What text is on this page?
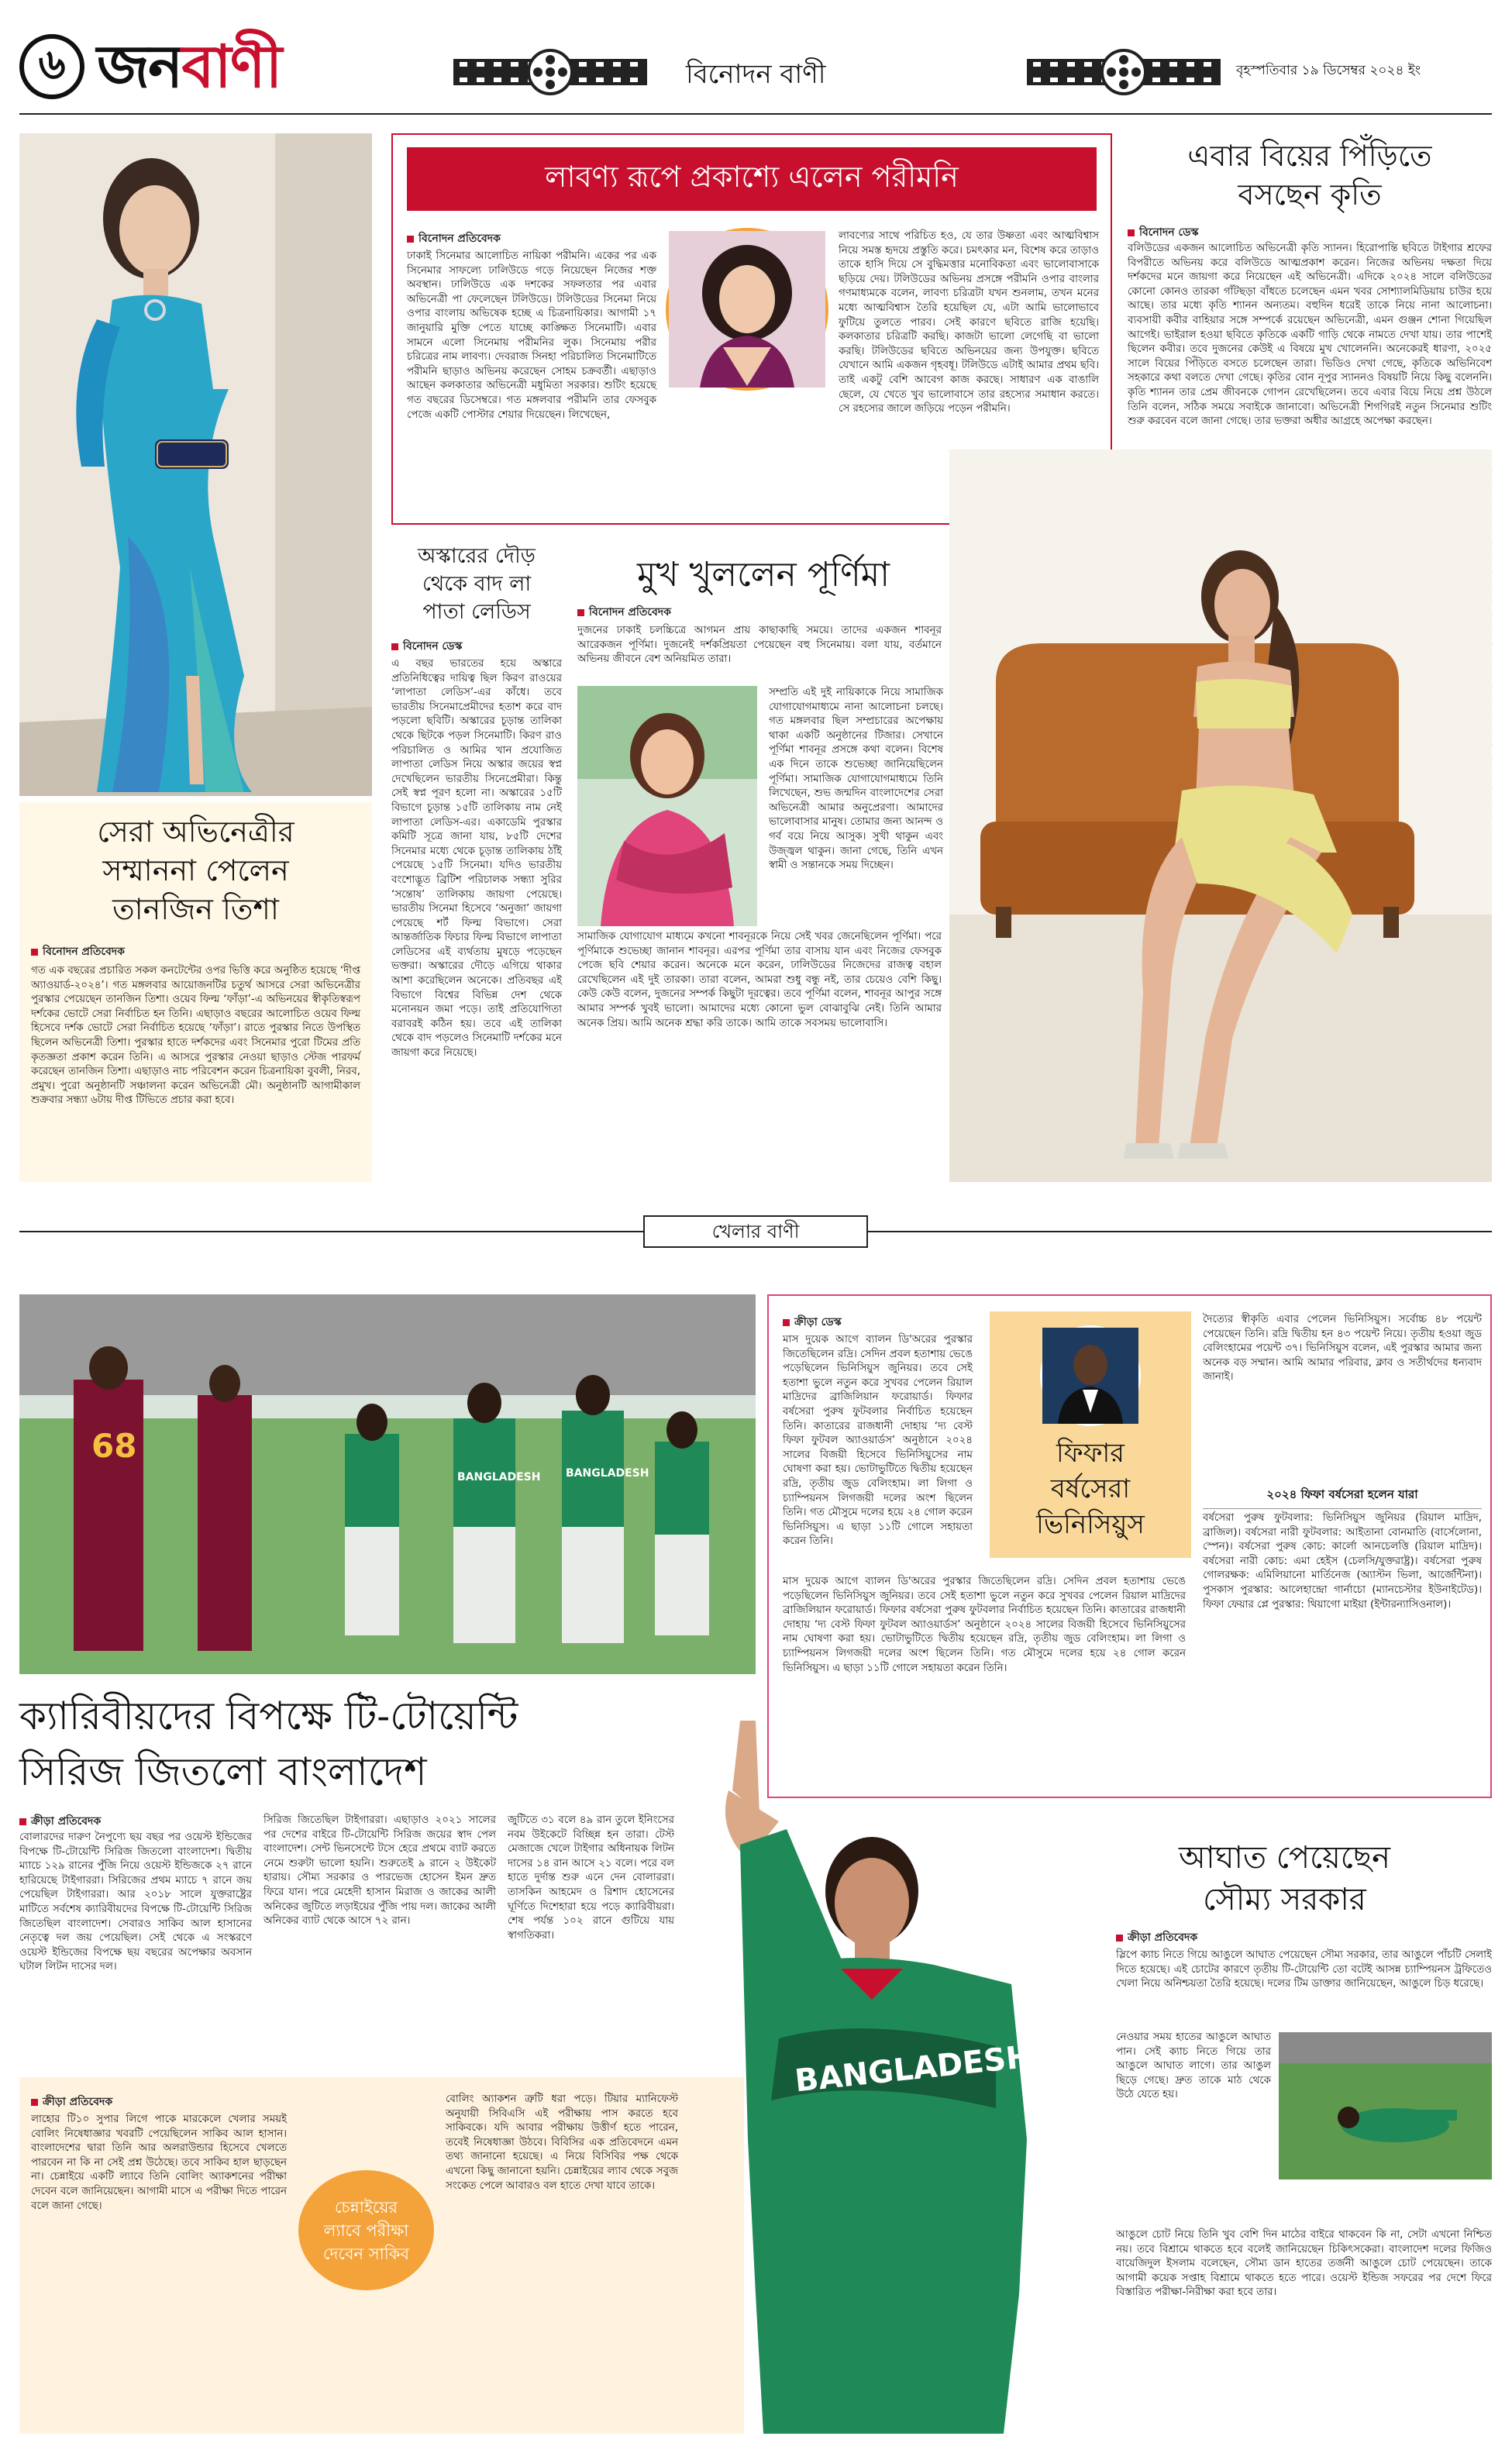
৬ জনবাণী	বিনোদন বাণী	বৃহস্পতিবার ১৯ ডিসেম্বর ২০২৪ ইং
লাবণ্য রূপে প্রকাশ্যে এলেন পরীমনি
বিনোদন প্রতিবেদক
ঢাকাই সিনেমার আলোচিত নায়িকা পরীমনি। একের পর এক সিনেমার সাফল্যে ঢালিউডে গড়ে নিয়েছেন নিজের শক্ত অবস্থান। ঢালিউডে এক দশকের সফলতার পর এবার অভিনেত্রী পা ফেলেছেন টলিউডে। টলিউডের সিনেমা নিয়ে ওপার বাংলায় অভিষেক হচ্ছে এ চিত্রনায়িকার। আগামী ১৭ জানুয়ারি মুক্তি পেতে যাচ্ছে কাঙ্ক্ষিত সিনেমাটি। এবার সামনে এলো সিনেমায় পরীমনির লুক। সিনেমায় পরীর চরিত্রের নাম লাবণ্য। দেবরাজ সিনহা পরিচালিত সিনেমাটিতে পরীমনি ছাড়াও অভিনয় করেছেন সোহম চক্রবর্তী। এছাড়াও আছেন কলকাতার অভিনেত্রী মধুমিতা সরকার। শুটিং হয়েছে গত বছরের ডিসেম্বরে। গত মঙ্গলবার পরীমনি তার ফেসবুক পেজে একটি পোস্টার শেয়ার দিয়েছেন। লিখেছেন,
লাবণ্যের সাথে পরিচিত হও, যে তার উষ্ণতা এবং আত্মবিশ্বাস নিয়ে সমস্ত হৃদয়ে প্রস্তুতি করে। চমৎকার মন, বিশেষ করে তাড়াও তাকে হাসি দিয়ে সে বুদ্ধিমত্তার মনোবিকতা এবং ভালোবাসাকে ছড়িয়ে দেয়। টলিউডের অভিনয় প্রসঙ্গে পরীমনি ওপার বাংলার গণমাধ্যমকে বলেন, লাবণ্য চরিত্রটা যখন শুনলাম, তখন মনের মধ্যে আত্মবিশ্বাস তৈরি হয়েছিল যে, এটা আমি ভালোভাবে ফুটিয়ে তুলতে পারব। সেই কারণে ছবিতে রাজি হয়েছি। কলকাতার চরিত্রটি করছি। কাজটা ভালো লেগেছি বা ভালো করছি। টলিউডের ছবিতে অভিনয়ের জন্য উপযুক্ত। ছবিতে যেখানে আমি একজন গৃহবধূ। টলিউডে এটাই আমার প্রথম ছবি। তাই একটু বেশি আবেগ কাজ করছে। সাধারণ এক বাঙালি ছেলে, যে খেতে খুব ভালোবাসে তার রহস্যের সমাধান করতে। সে রহস্যের জালে জড়িয়ে পড়েন পরীমনি।
এবার বিয়ের পিঁড়িতে
বসছেন কৃতি
বিনোদন ডেস্ক
বলিউডের একজন আলোচিত অভিনেত্রী কৃতি স্যানন। হিরোপান্তি ছবিতে টাইগার শ্রফের বিপরীতে অভিনয় করে বলিউডে আত্মপ্রকাশ করেন। নিজের অভিনয় দক্ষতা দিয়ে দর্শকদের মনে জায়গা করে নিয়েছেন এই অভিনেত্রী। এদিকে ২০২৪ সালে বলিউডের কোনো কোনও তারকা গাঁটছড়া বাঁধতে চলেছেন এমন খবর সোশ্যালমিডিয়ায় চাউর হয়ে আছে। তার মধ্যে কৃতি শ্যানন অন্যতম। বহুদিন ধরেই তাকে নিয়ে নানা আলোচনা। ব্যবসায়ী কবীর বাহিয়ার সঙ্গে সম্পর্কে রয়েছেন অভিনেত্রী, এমন গুঞ্জন শোনা গিয়েছিল আগেই। ভাইরাল হওয়া ছবিতে কৃতিকে একটি গাড়ি থেকে নামতে দেখা যায়। তার পাশেই ছিলেন কবীর। তবে দুজনের কেউই এ বিষয়ে মুখ খোলেননি। অনেকেরই ধারণা, ২০২৫ সালে বিয়ের পিঁড়িতে বসতে চলেছেন তারা। ভিডিও দেখা গেছে, কৃতিকে অভিনিবেশ সহকারে কথা বলতে দেখা গেছে। কৃতির বোন নূপুর স্যাননও বিষয়টি নিয়ে কিছু বলেননি। কৃতি শ্যানন তার প্রেম জীবনকে গোপন রেখেছিলেন। তবে এবার বিয়ে নিয়ে প্রশ্ন উঠলে তিনি বলেন, সঠিক সময়ে সবাইকে জানাবো। অভিনেত্রী শিগগিরই নতুন সিনেমার শুটিং শুরু করবেন বলে জানা গেছে। তার ভক্তরা অধীর আগ্রহে অপেক্ষা করছেন।
অস্কারের দৌড়
থেকে বাদ লা
পাতা লেডিস
বিনোদন ডেস্ক
এ বছর ভারতের হয়ে অস্কারে প্রতিনিধিত্বের দায়িত্ব ছিল কিরণ রাওয়ের ‘লাপাতা লেডিস’-এর কাঁধে। তবে ভারতীয় সিনেমাপ্রেমীদের হতাশ করে বাদ পড়লো ছবিটি। অস্কারের চূড়ান্ত তালিকা থেকে ছিটকে পড়ল সিনেমাটি। কিরণ রাও পরিচালিত ও আমির খান প্রযোজিত লাপাতা লেডিস নিয়ে অস্কার জয়ের স্বপ্ন দেখেছিলেন ভারতীয় সিনেপ্রেমীরা। কিন্তু সেই স্বপ্ন পূরণ হলো না। অস্কারের ১৫টি বিভাগে চূড়ান্ত ১৫টি তালিকায় নাম নেই লাপাতা লেডিস-এর। একাডেমি পুরস্কার কমিটি সূত্রে জানা যায়, ৮৫টি দেশের সিনেমার মধ্যে থেকে চূড়ান্ত তালিকায় ঠাঁই পেয়েছে ১৫টি সিনেমা। যদিও ভারতীয় বংশোদ্ভূত ব্রিটিশ পরিচালক সন্ধ্যা সুরির ‘সন্তোষ’ তালিকায় জায়গা পেয়েছে। ভারতীয় সিনেমা হিসেবে ‘অনুজা’ জায়গা পেয়েছে শর্ট ফিল্ম বিভাগে। সেরা আন্তর্জাতিক ফিচার ফিল্ম বিভাগে লাপাতা লেডিসের এই ব্যর্থতায় মুষড়ে পড়েছেন ভক্তরা। অস্কারের দৌড়ে এগিয়ে থাকার আশা করেছিলেন অনেকে। প্রতিবছর এই বিভাগে বিশ্বের বিভিন্ন দেশ থেকে মনোনয়ন জমা পড়ে। তাই প্রতিযোগিতা বরাবরই কঠিন হয়। তবে এই তালিকা থেকে বাদ পড়লেও সিনেমাটি দর্শকের মনে জায়গা করে নিয়েছে।
মুখ খুললেন পূর্ণিমা
বিনোদন প্রতিবেদক
দুজনের ঢাকাই চলচ্চিত্রে আগমন প্রায় কাছাকাছি সময়ে। তাদের একজন শাবনূর আরেকজন পূর্ণিমা। দুজনেই দর্শকপ্রিয়তা পেয়েছেন বহু সিনেমায়। বলা যায়, বর্তমানে অভিনয় জীবনে বেশ অনিয়মিত তারা।
সম্প্রতি এই দুই নায়িকাকে নিয়ে সামাজিক যোগাযোগমাধ্যমে নানা আলোচনা চলছে। গত মঙ্গলবার ছিল সম্প্রচারের অপেক্ষায় থাকা একটি অনুষ্ঠানের টিজার। সেখানে পূর্ণিমা শাবনূর প্রসঙ্গে কথা বলেন। বিশেষ এক দিনে তাকে শুভেচ্ছা জানিয়েছিলেন পূর্ণিমা। সামাজিক যোগাযোগমাধ্যমে তিনি লিখেছেন, শুভ জন্মদিন বাংলাদেশের সেরা অভিনেত্রী আমার অনুপ্রেরণা। আমাদের ভালোবাসার মানুষ। তোমার জন্য আনন্দ ও গর্ব বয়ে নিয়ে আসুক। সুখী থাকুন এবং উজ্জ্বল থাকুন। জানা গেছে, তিনি এখন স্বামী ও সন্তানকে সময় দিচ্ছেন।
সামাজিক যোগাযোগ মাধ্যমে কখনো শাবনূরকে নিয়ে সেই খবর জেনেছিলেন পূর্ণিমা। পরে পূর্ণিমাকে শুভেচ্ছা জানান শাবনূর। এরপর পূর্ণিমা তার বাসায় যান এবং নিজের ফেসবুক পেজে ছবি শেয়ার করেন। অনেকে মনে করেন, ঢালিউডের নিজেদের রাজত্ব বহাল রেখেছিলেন এই দুই তারকা। তারা বলেন, আমরা শুধু বন্ধু নই, তার চেয়েও বেশি কিছু। কেউ কেউ বলেন, দুজনের সম্পর্ক কিছুটা দূরত্বের। তবে পূর্ণিমা বলেন, শাবনূর আপুর সঙ্গে আমার সম্পর্ক খুবই ভালো। আমাদের মধ্যে কোনো ভুল বোঝাবুঝি নেই। তিনি আমার অনেক প্রিয়। আমি অনেক শ্রদ্ধা করি তাকে। আমি তাকে সবসময় ভালোবাসি।
সেরা অভিনেত্রীর
সম্মাননা পেলেন
তানজিন তিশা
বিনোদন প্রতিবেদক
গত এক বছরের প্রচারিত সকল কনটেন্টের ওপর ভিত্তি করে অনুষ্ঠিত হয়েছে ‘দীপ্ত অ্যাওয়ার্ড-২০২৪’। গত মঙ্গলবার আয়োজনটির চতুর্থ আসরে সেরা অভিনেত্রীর পুরস্কার পেয়েছেন তানজিন তিশা। ওয়েব ফিল্ম ‘ফাঁড়া’-এ অভিনয়ের স্বীকৃতিস্বরূপ দর্শকের ভোটে সেরা নির্বাচিত হন তিনি। এছাড়াও বছরের আলোচিত ওয়েব ফিল্ম হিসেবে দর্শক ভোটে সেরা নির্বাচিত হয়েছে ‘ফাঁড়া’। রাতে পুরস্কার নিতে উপস্থিত ছিলেন অভিনেত্রী তিশা। পুরস্কার হাতে দর্শকদের এবং সিনেমার পুরো টিমের প্রতি কৃতজ্ঞতা প্রকাশ করেন তিনি। এ আসরে পুরস্কার নেওয়া ছাড়াও স্টেজ পারফর্ম করেছেন তানজিন তিশা। এছাড়াও নাচ পরিবেশন করেন চিত্রনায়িকা বুবলী, নিরব, প্রমুখ। পুরো অনুষ্ঠানটি সঞ্চালনা করেন অভিনেত্রী মৌ। অনুষ্ঠানটি আগামীকাল শুক্রবার সন্ধ্যা ৬টায় দীপ্ত টিভিতে প্রচার করা হবে।
খেলার বাণী
68
BANGLADESH BANGLADESH
ক্রীড়া ডেস্ক
মাস দুয়েক আগে ব্যালন ডি'অরের পুরস্কার জিতেছিলেন রদ্রি। সেদিন প্রবল হতাশায় ভেঙে পড়েছিলেন ভিনিসিয়ুস জুনিয়র। তবে সেই হতাশা ভুলে নতুন করে সুখবর পেলেন রিয়াল মাদ্রিদের ব্রাজিলিয়ান ফরোয়ার্ড। ফিফার বর্ষসেরা পুরুষ ফুটবলার নির্বাচিত হয়েছেন তিনি। কাতারের রাজধানী দোহায় ‘দ্য বেস্ট ফিফা ফুটবল অ্যাওয়ার্ডস’ অনুষ্ঠানে ২০২৪ সালের বিজয়ী হিসেবে ভিনিসিয়ুসের নাম ঘোষণা করা হয়। ভোটাভুটিতে দ্বিতীয় হয়েছেন রদ্রি, তৃতীয় জুড বেলিংহাম। লা লিগা ও চ্যাম্পিয়নস লিগজয়ী দলের অংশ ছিলেন তিনি। গত মৌসুমে দলের হয়ে ২৪ গোল করেন ভিনিসিয়ুস। এ ছাড়া ১১টি গোলে সহায়তা করেন তিনি।
মাস দুয়েক আগে ব্যালন ডি'অরের পুরস্কার জিতেছিলেন রদ্রি। সেদিন প্রবল হতাশায় ভেঙে পড়েছিলেন ভিনিসিয়ুস জুনিয়র। তবে সেই হতাশা ভুলে নতুন করে সুখবর পেলেন রিয়াল মাদ্রিদের ব্রাজিলিয়ান ফরোয়ার্ড। ফিফার বর্ষসেরা পুরুষ ফুটবলার নির্বাচিত হয়েছেন তিনি। কাতারের রাজধানী দোহায় ‘দ্য বেস্ট ফিফা ফুটবল অ্যাওয়ার্ডস’ অনুষ্ঠানে ২০২৪ সালের বিজয়ী হিসেবে ভিনিসিয়ুসের নাম ঘোষণা করা হয়। ভোটাভুটিতে দ্বিতীয় হয়েছেন রদ্রি, তৃতীয় জুড বেলিংহাম। লা লিগা ও চ্যাম্পিয়নস লিগজয়ী দলের অংশ ছিলেন তিনি। গত মৌসুমে দলের হয়ে ২৪ গোল করেন ভিনিসিয়ুস। এ ছাড়া ১১টি গোলে সহায়তা করেন তিনি।
ফিফার
বর্ষসেরা
ভিনিসিয়ুস
দৈত্যের স্বীকৃতি এবার পেলেন ভিনিসিয়ুস। সর্বোচ্চ ৪৮ পয়েন্ট পেয়েছেন তিনি। রদ্রি দ্বিতীয় হন ৪৩ পয়েন্ট নিয়ে। তৃতীয় হওয়া জুড বেলিংহামের পয়েন্ট ৩৭। ভিনিসিয়ুস বলেন, এই পুরস্কার আমার জন্য অনেক বড় সম্মান। আমি আমার পরিবার, ক্লাব ও সতীর্থদের ধন্যবাদ জানাই।
২০২৪ ফিফা বর্ষসেরা হলেন যারা
বর্ষসেরা পুরুষ ফুটবলার: ভিনিসিয়ুস জুনিয়র (রিয়াল মাদ্রিদ, ব্রাজিল)। বর্ষসেরা নারী ফুটবলার: আইতানা বোনমাতি (বার্সেলোনা, স্পেন)। বর্ষসেরা পুরুষ কোচ: কার্লো আনচেলত্তি (রিয়াল মাদ্রিদ)। বর্ষসেরা নারী কোচ: এমা হেইস (চেলসি/যুক্তরাষ্ট্র)। বর্ষসেরা পুরুষ গোলরক্ষক: এমিলিয়ানো মার্তিনেজ (অ্যাস্টন ভিলা, আর্জেন্টিনা)। পুসকাস পুরস্কার: আলেহান্দ্রো গার্নাচো (ম্যানচেস্টার ইউনাইটেড)। ফিফা ফেয়ার প্লে পুরস্কার: থিয়াগো মাইয়া (ইন্টারন্যাসিওনাল)।
ক্যারিবীয়দের বিপক্ষে টি-টোয়েন্টি
সিরিজ জিতলো বাংলাদেশ
ক্রীড়া প্রতিবেদক
বোলারদের দারুণ নৈপুণ্যে ছয় বছর পর ওয়েস্ট ইন্ডিজের বিপক্ষে টি-টোয়েন্টি সিরিজ জিতলো বাংলাদেশ। দ্বিতীয় ম্যাচে ১২৯ রানের পুঁজি নিয়ে ওয়েস্ট ইন্ডিজকে ২৭ রানে হারিয়েছে টাইগাররা। সিরিজের প্রথম ম্যাচে ৭ রানে জয় পেয়েছিল টাইগাররা। আর ২০১৮ সালে যুক্তরাষ্ট্রের মাটিতে সর্বশেষ ক্যারিবীয়দের বিপক্ষে টি-টোয়েন্টি সিরিজ জিতেছিল বাংলাদেশ। সেবারও সাকিব আল হাসানের নেতৃত্বে দল জয় পেয়েছিল। সেই থেকে এ সংস্করণে ওয়েস্ট ইন্ডিজের বিপক্ষে ছয় বছরের অপেক্ষার অবসান ঘটাল লিটন দাসের দল।
সিরিজ জিতেছিল টাইগাররা। এছাড়াও ২০২১ সালের পর দেশের বাইরে টি-টোয়েন্টি সিরিজ জয়ের স্বাদ পেল বাংলাদেশ। সেন্ট ভিনসেন্টে টসে হেরে প্রথমে ব্যাট করতে নেমে শুরুটা ভালো হয়নি। শুরুতেই ৯ রানে ২ উইকেট হারায়। সৌম্য সরকার ও পারভেজ হোসেন ইমন দ্রুত ফিরে যান। পরে মেহেদী হাসান মিরাজ ও জাকের আলী অনিকের জুটিতে লড়াইয়ের পুঁজি পায় দল। জাকের আলী অনিকের ব্যাট থেকে আসে ৭২ রান।
জুটিতে ৩১ বলে ৪৯ রান তুলে ইনিংসের নবম উইকেটে বিচ্ছিন্ন হন তারা। টেস্ট মেজাজে খেলে টাইগার অধিনায়ক লিটন দাসের ১৪ রান আসে ২১ বলে। পরে বল হাতে দুর্দান্ত শুরু এনে দেন বোলাররা। তাসকিন আহমেদ ও রিশাদ হোসেনের ঘূর্ণিতে দিশেহারা হয়ে পড়ে ক্যারিবীয়রা। শেষ পর্যন্ত ১০২ রানে গুটিয়ে যায় স্বাগতিকরা।
BANGLADESH
আঘাত পেয়েছেন
সৌম্য সরকার
ক্রীড়া প্রতিবেদক
স্লিপে ক্যাচ নিতে গিয়ে আঙুলে আঘাত পেয়েছেন সৌম্য সরকার, তার আঙুলে পাঁচটি সেলাই দিতে হয়েছে। এই চোটের কারণে তৃতীয় টি-টোয়েন্টি তো বটেই আসন্ন চ্যাম্পিয়নস ট্রফিতেও খেলা নিয়ে অনিশ্চয়তা তৈরি হয়েছে। দলের টিম ডাক্তার জানিয়েছেন, আঙুলে চিড় ধরেছে।
নেওয়ার সময় হাতের আঙুলে আঘাত পান। সেই ক্যাচ নিতে গিয়ে তার আঙুলে আঘাত লাগে। তার আঙুল ছিড়ে গেছে। দ্রুত তাকে মাঠ থেকে উঠে যেতে হয়।
আঙুলে চোট নিয়ে তিনি খুব বেশি দিন মাঠের বাইরে থাকবেন কি না, সেটা এখনো নিশ্চিত নয়। তবে বিশ্রামে থাকতে হবে বলেই জানিয়েছেন চিকিৎসকেরা। বাংলাদেশ দলের ফিজিও বায়েজিদুল ইসলাম বলেছেন, সৌম্য ডান হাতের তর্জনী আঙুলে চোট পেয়েছেন। তাকে আগামী কয়েক সপ্তাহ বিশ্রামে থাকতে হতে পারে। ওয়েস্ট ইন্ডিজ সফরের পর দেশে ফিরে বিস্তারিত পরীক্ষা-নিরীক্ষা করা হবে তার।
ক্রীড়া প্রতিবেদক
লাহোর টি১০ সুপার লিগে পাকে মারকেলে খেলার সময়ই বোলিং নিষেধাজ্ঞার খবরটি পেয়েছিলেন সাকিব আল হাসান। বাংলাদেশের দ্বারা তিনি আর অলরাউন্ডার হিসেবে খেলতে পারবেন না কি না সেই প্রশ্ন উঠেছে। তবে সাকিব হাল ছাড়ছেন না। চেন্নাইয়ে একটি ল্যাবে তিনি বোলিং অ্যাকশনের পরীক্ষা দেবেন বলে জানিয়েছেন। আগামী মাসে এ পরীক্ষা দিতে পারেন বলে জানা গেছে।	চেন্নাইয়ের
ল্যাবে পরীক্ষা
দেবেন সাকিব
বোলিং অ্যাকশন ত্রুটি ধরা পড়ে। টিয়ার ম্যানিফেস্ট অনুযায়ী সিবিএসি এই পরীক্ষায় পাস করতে হবে সাকিবকে। যদি আবার পরীক্ষায় উত্তীর্ণ হতে পারেন, তবেই নিষেধাজ্ঞা উঠবে। বিবিসির এক প্রতিবেদনে এমন তথ্য জানানো হয়েছে। এ নিয়ে বিসিবির পক্ষ থেকে এখনো কিছু জানানো হয়নি। চেন্নাইয়ের ল্যাব থেকে সবুজ সংকেত পেলে আবারও বল হাতে দেখা যাবে তাকে।
